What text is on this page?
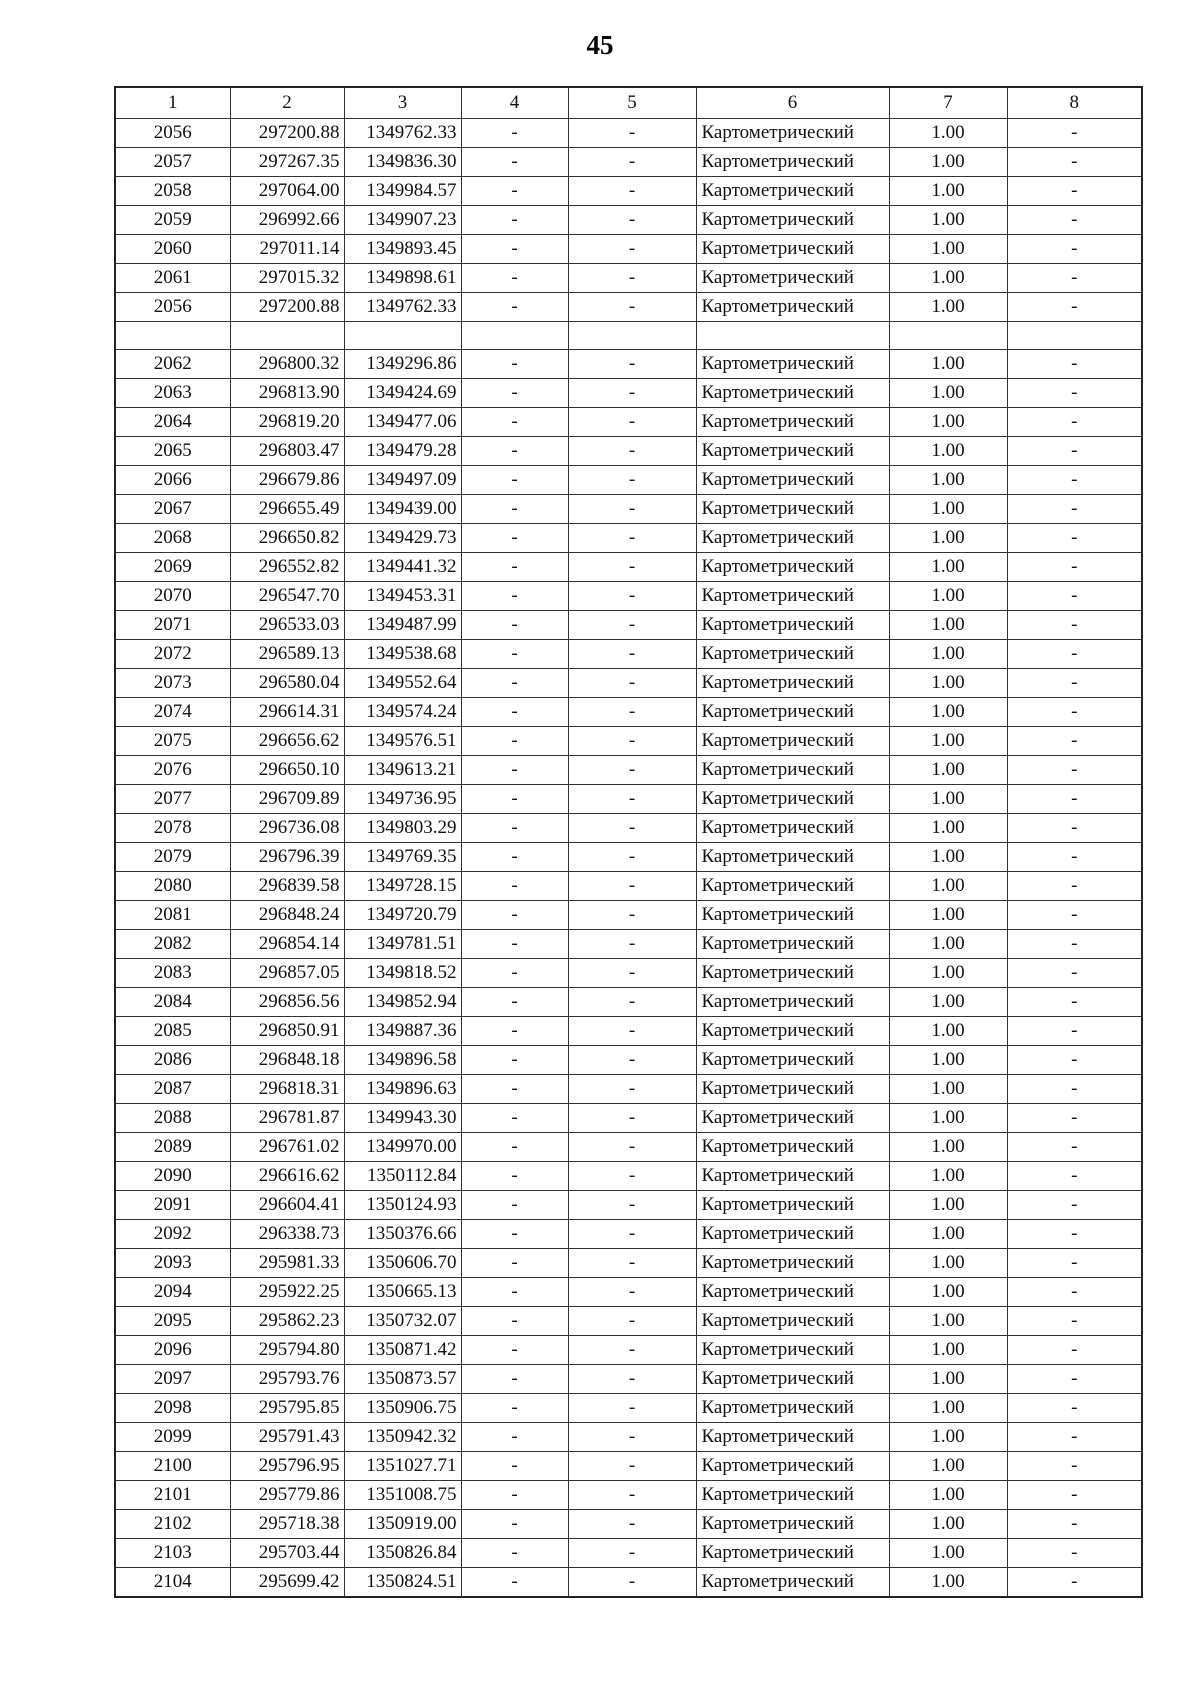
45
1	2	3	4	5	6	7	8
2056	297200.88	1349762.33	-	-	Картометрический	1.00	-
2057	297267.35	1349836.30	-	-	Картометрический	1.00	-
2058	297064.00	1349984.57	-	-	Картометрический	1.00	-
2059	296992.66	1349907.23	-	-	Картометрический	1.00	-
2060	297011.14	1349893.45	-	-	Картометрический	1.00	-
2061	297015.32	1349898.61	-	-	Картометрический	1.00	-
2056	297200.88	1349762.33	-	-	Картометрический	1.00	-

2062	296800.32	1349296.86	-	-	Картометрический	1.00	-
2063	296813.90	1349424.69	-	-	Картометрический	1.00	-
2064	296819.20	1349477.06	-	-	Картометрический	1.00	-
2065	296803.47	1349479.28	-	-	Картометрический	1.00	-
2066	296679.86	1349497.09	-	-	Картометрический	1.00	-
2067	296655.49	1349439.00	-	-	Картометрический	1.00	-
2068	296650.82	1349429.73	-	-	Картометрический	1.00	-
2069	296552.82	1349441.32	-	-	Картометрический	1.00	-
2070	296547.70	1349453.31	-	-	Картометрический	1.00	-
2071	296533.03	1349487.99	-	-	Картометрический	1.00	-
2072	296589.13	1349538.68	-	-	Картометрический	1.00	-
2073	296580.04	1349552.64	-	-	Картометрический	1.00	-
2074	296614.31	1349574.24	-	-	Картометрический	1.00	-
2075	296656.62	1349576.51	-	-	Картометрический	1.00	-
2076	296650.10	1349613.21	-	-	Картометрический	1.00	-
2077	296709.89	1349736.95	-	-	Картометрический	1.00	-
2078	296736.08	1349803.29	-	-	Картометрический	1.00	-
2079	296796.39	1349769.35	-	-	Картометрический	1.00	-
2080	296839.58	1349728.15	-	-	Картометрический	1.00	-
2081	296848.24	1349720.79	-	-	Картометрический	1.00	-
2082	296854.14	1349781.51	-	-	Картометрический	1.00	-
2083	296857.05	1349818.52	-	-	Картометрический	1.00	-
2084	296856.56	1349852.94	-	-	Картометрический	1.00	-
2085	296850.91	1349887.36	-	-	Картометрический	1.00	-
2086	296848.18	1349896.58	-	-	Картометрический	1.00	-
2087	296818.31	1349896.63	-	-	Картометрический	1.00	-
2088	296781.87	1349943.30	-	-	Картометрический	1.00	-
2089	296761.02	1349970.00	-	-	Картометрический	1.00	-
2090	296616.62	1350112.84	-	-	Картометрический	1.00	-
2091	296604.41	1350124.93	-	-	Картометрический	1.00	-
2092	296338.73	1350376.66	-	-	Картометрический	1.00	-
2093	295981.33	1350606.70	-	-	Картометрический	1.00	-
2094	295922.25	1350665.13	-	-	Картометрический	1.00	-
2095	295862.23	1350732.07	-	-	Картометрический	1.00	-
2096	295794.80	1350871.42	-	-	Картометрический	1.00	-
2097	295793.76	1350873.57	-	-	Картометрический	1.00	-
2098	295795.85	1350906.75	-	-	Картометрический	1.00	-
2099	295791.43	1350942.32	-	-	Картометрический	1.00	-
2100	295796.95	1351027.71	-	-	Картометрический	1.00	-
2101	295779.86	1351008.75	-	-	Картометрический	1.00	-
2102	295718.38	1350919.00	-	-	Картометрический	1.00	-
2103	295703.44	1350826.84	-	-	Картометрический	1.00	-
2104	295699.42	1350824.51	-	-	Картометрический	1.00	-
